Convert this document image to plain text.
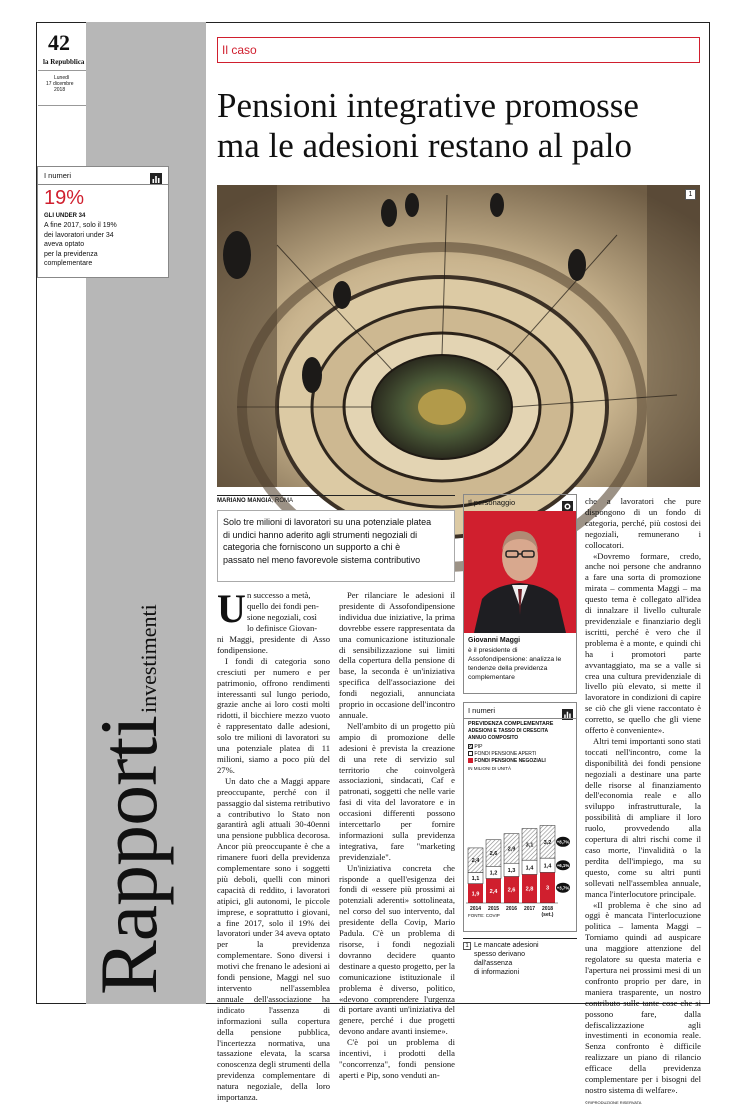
42
la Repubblica
Lunedì
17 dicembre
2018
I numeri
19%
GLI UNDER 34
A fine 2017, solo il 19%
dei lavoratori under 34
aveva optato
per la previdenza
complementare
Rapportiinvestimenti
Il caso
Pensioni integrative promosse
ma le adesioni restano al palo
1
MARIANO MANGIA, ROMA
Solo tre milioni di lavoratori su una potenziale platea
di undici hanno aderito agli strumenti negoziali di
categoria che forniscono un supporto a chi è
passato nel meno favorevole sistema contributivo
U n successo a metà,
quello dei fondi pen-
sione negoziali, così
lo definisce Giovan-
ni Maggi, presidente di Asso fondipensione.

I fondi di categoria sono cresciuti per numero e per patrimonio, offrono rendimenti interessanti sul lungo periodo, grazie anche ai loro costi molti ridotti, il bicchiere mezzo vuoto è rappresentato dalle adesioni, solo tre milioni di lavoratori su una potenziale platea di 11 milioni, siamo a poco più del 27%.

Un dato che a Maggi appare preoccupante, perché con il passaggio dal sistema retributivo a contributivo lo Stato non garantirà agli attuali 30-40enni una pensione pubblica decorosa. Ancor più preoccupante è che a rimanere fuori della previdenza complementare sono i soggetti più deboli, quelli con minori capacità di reddito, i lavoratori atipici, gli autonomi, le piccole imprese, e soprattutto i giovani, a fine 2017, solo il 19% dei lavoratori under 34 aveva optato per la previdenza complementare. Sono diversi i motivi che frenano le adesioni ai fondi pensione, Maggi nel suo intervento nell'assemblea annuale dell'associazione ha indicato l'assenza di informazioni sulla copertura della pensione pubblica, l'incertezza normativa, una tassazione elevata, la scarsa conoscenza degli strumenti della previdenza complementare di natura negoziale, della loro importanza.

Per rilanciare le adesioni il presidente di Assofondipensione individua due iniziative, la prima dovrebbe essere rappresentata da una comunicazione istituzionale di sensibilizzazione sui limiti della copertura della pensione di base, la seconda è un'iniziativa specifica dell'associazione dei fondi negoziali, annunciata proprio in occasione dell'incontro annuale.

Nell'ambito di un progetto più ampio di promozione delle adesioni è prevista la creazione di una rete di servizio sul territorio che coinvolgerà associazioni, sindacati, Caf e patronati, soggetti che nelle varie fasi di vita del lavoratore e in occasioni differenti possono intercettarlo per fornire informazioni sulla previdenza integrativa, fare "marketing previdenziale".

Un'iniziativa concreta che risponde a quell'esigenza dei fondi di «essere più prossimi ai potenziali aderenti» sottolineata, nel corso del suo intervento, dal presidente della Covip, Mario Padula. C'è un problema di risorse, i fondi negoziali dovranno decidere quanto destinare a questo progetto, per la comunicazione istituzionale il problema è diverso, politico, «devono comprendere l'urgenza di portare avanti un'iniziativa del genere, perché i due progetti devono andare avanti insieme».

C'è poi un problema di incentivi, i prodotti della "concorrenza", fondi pensione aperti e Pip, sono venduti an-

Il personaggio
Giovanni Maggi
è il presidente di
Assofondipensione: analizza le
tendenze della previdenza
complementare
I numeri
PREVIDENZA COMPLEMENTARE
ADESIONI E TASSO DI CRESCITA
ANNUO COMPOSITO
PIP
FONDI PENSIONE APERTI
FONDI PENSIONE NEGOZIALI
IN MILIONI DI UNITÀ
1,9
1,1
2,4
2014
2,4
1,2
2,6
2015
2,6
1,3
2,9
2016
2,8
1,4
3,1
2017
3
1,4
3,2
2018
(set.)
+8,7%
+6,1%
+3,7%
FONTE: COVIP
1 Le mancate adesioni
spesso derivano
dall'assenza
di informazioni
che a lavoratori che pure dispongono di un fondo di categoria, perché, più costosi dei negoziali, remunerano i collocatori.

«Dovremo formare, credo, anche noi persone che andranno a fare una sorta di promozione mirata – commenta Maggi – ma questo tema è collegato all'idea di innalzare il livello culturale previdenziale e finanziario degli iscritti, perché è vero che il problema è a monte, e quindi chi ha i promotori parte avvantaggiato, ma se a valle si crea una cultura previdenziale di livello più elevato, si mette il lavoratore in condizioni di capire se ciò che gli viene raccontato è corretto, se quello che gli viene offerto è conveniente».

Altri temi importanti sono stati toccati nell'incontro, come la disponibilità dei fondi pensione negoziali a destinare una parte delle risorse al finanziamento dell'economia reale e allo sviluppo infrastrutturale, la possibilità di ampliare il loro ruolo, provvedendo alla copertura di altri rischi come il caso morte, l'invalidità o la perdita dell'impiego, ma su questo, come su altri punti sollevati nell'assemblea annuale, manca l'interlocutore principale.

«Il problema è che sino ad oggi è mancata l'interlocuzione politica – lamenta Maggi – Torniamo quindi ad auspicare una maggiore attenzione del regolatore su questa materia e l'apertura nei prossimi mesi di un confronto proprio per dare, in maniera trasparente, un nostro contributo sulle tante cose che si possono fare, dalla defiscalizzazione agli investimenti in economia reale. Senza confronto è difficile realizzare un piano di rilancio efficace della previdenza complementare per i bisogni del nostro sistema di welfare».

©RIPRODUZIONE RISERVATA
